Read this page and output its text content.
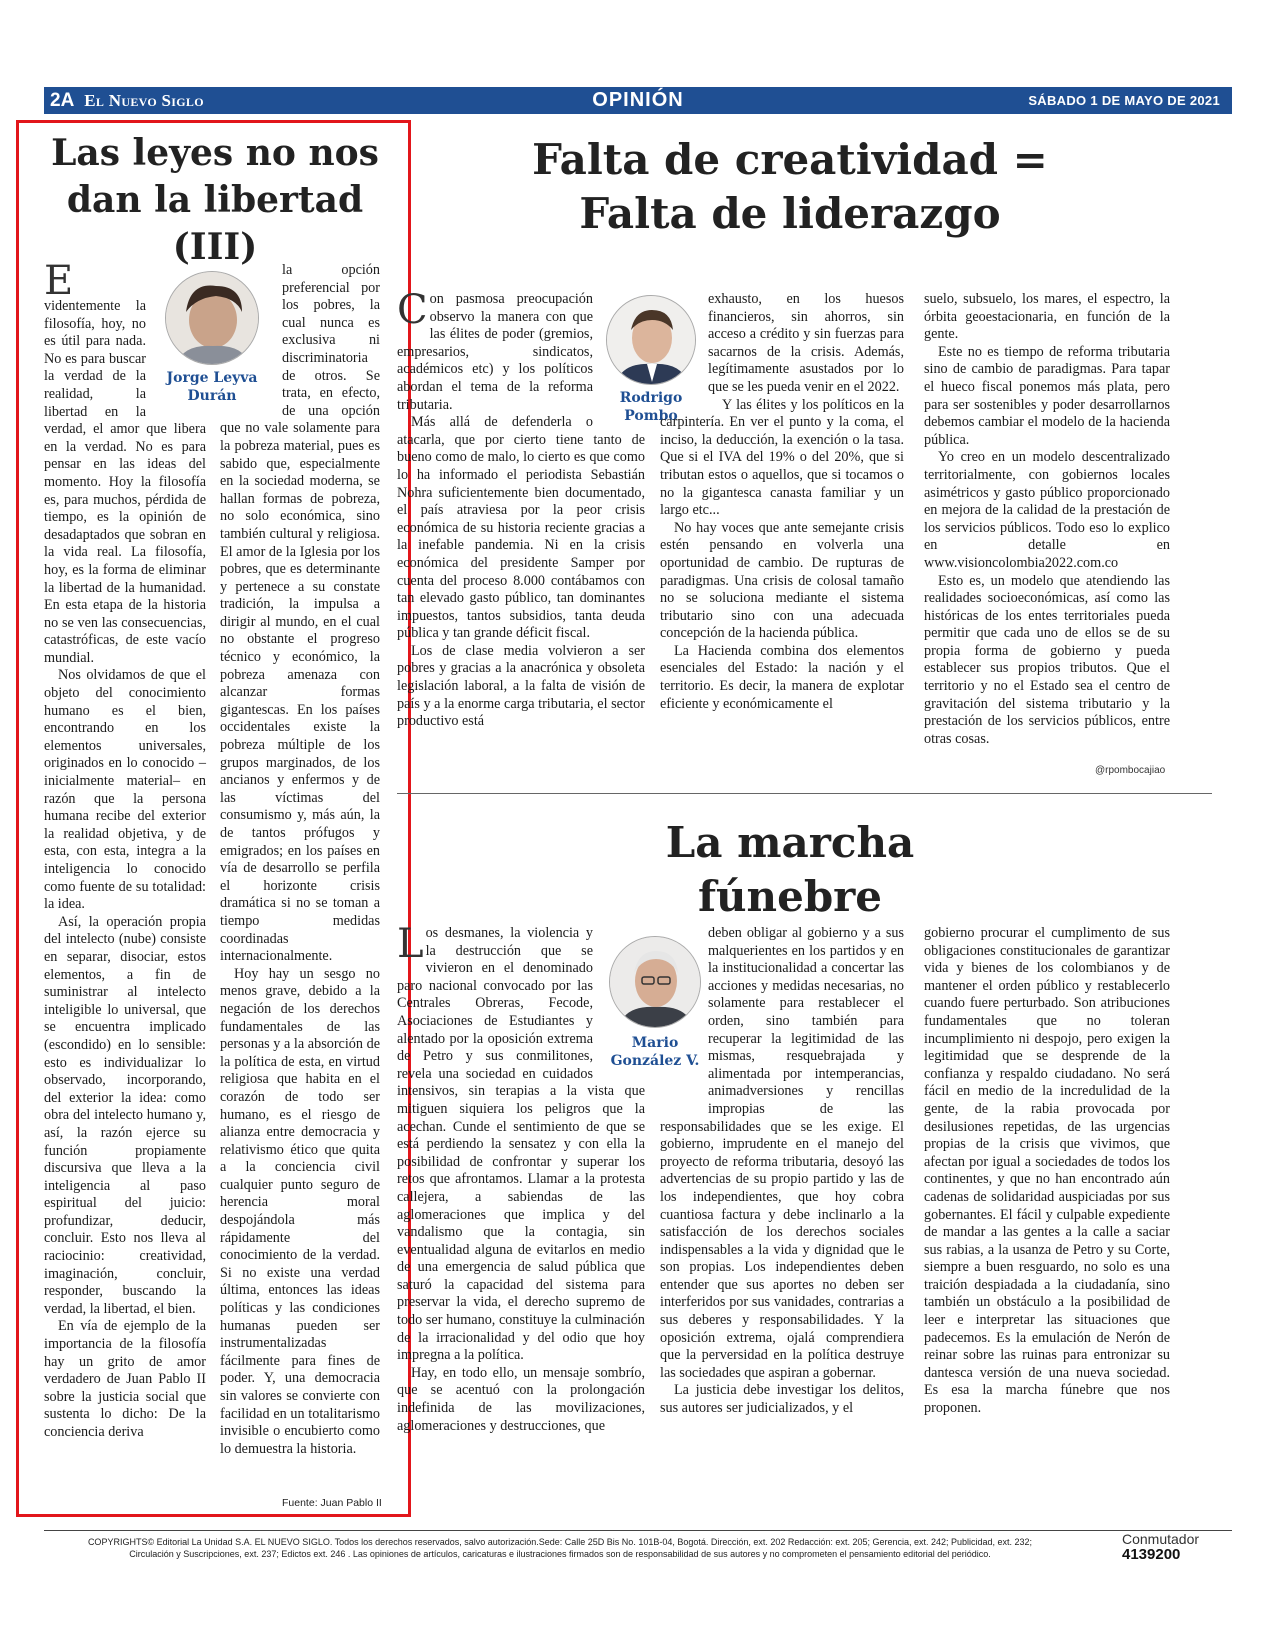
2A El Nuevo Siglo	OPINIÓN	SÁBADO 1 DE MAYO DE 2021
Las leyes no nos dan la libertad (III)
Jorge Leyva Durán

E
videntemente la filosofía, hoy, no es útil para nada. No es para buscar la verdad de la realidad, la libertad en la verdad, el amor que libera en la verdad. No es para pensar en las ideas del momento. Hoy la filosofía es, para muchos, pérdida de tiempo, es la opinión de desadaptados que sobran en la vida real. La filosofía, hoy, es la forma de eliminar la libertad de la humanidad. En esta etapa de la historia no se ven las consecuencias, catastróficas, de este vacío mundial.

Nos olvidamos de que el objeto del conocimiento humano es el bien, encontrando en los elementos universales, originados en lo conocido –inicialmente material– en razón que la persona humana recibe del exterior la realidad objetiva, y de esta, con esta, integra a la inteligencia lo conocido como fuente de su totalidad: la idea.

Así, la operación propia del intelecto (nube) consiste en separar, disociar, estos elementos, a fin de suministrar al intelecto inteligible lo universal, que se encuentra implicado (escondido) en lo sensible: esto es individualizar lo observado, incorporando, del exterior la idea: como obra del intelecto humano y, así, la razón ejerce su función propiamente discursiva que lleva a la inteligencia al paso espiritual del juicio: profundizar, deducir, concluir. Esto nos lleva al raciocinio: creatividad, imaginación, concluir, responder, buscando la verdad, la libertad, el bien.

En vía de ejemplo de la importancia de la filosofía hay un grito de amor verdadero de Juan Pablo II sobre la justicia social que sustenta lo dicho: De la conciencia deriva

la opción preferencial por los pobres, la cual nunca es exclusiva ni discriminatoria de otros. Se trata, en efecto, de una opción que no vale solamente para la pobreza material, pues es sabido que, especialmente en la sociedad moderna, se hallan formas de pobreza, no solo económica, sino también cultural y religiosa. El amor de la Iglesia por los pobres, que es determinante y pertenece a su constate tradición, la impulsa a dirigir al mundo, en el cual no obstante el progreso técnico y económico, la pobreza amenaza con alcanzar formas gigantescas. En los países occidentales existe la pobreza múltiple de los grupos marginados, de los ancianos y enfermos y de las víctimas del consumismo y, más aún, la de tantos prófugos y emigrados; en los países en vía de desarrollo se perfila el horizonte crisis dramática si no se toman a tiempo medidas coordinadas internacionalmente.

Hoy hay un sesgo no menos grave, debido a la negación de los derechos fundamentales de las personas y a la absorción de la política de esta, en virtud religiosa que habita en el corazón de todo ser humano, es el riesgo de alianza entre democracia y relativismo ético que quita a la conciencia civil cualquier punto seguro de herencia moral despojándola más rápidamente del conocimiento de la verdad. Si no existe una verdad última, entonces las ideas políticas y las condiciones humanas pueden ser instrumentalizadas fácilmente para fines de poder. Y, una democracia sin valores se convierte con facilidad en un totalitarismo invisible o encubierto como lo demuestra la historia.

Fuente: Juan Pablo II
Falta de creatividad = Falta de liderazgo
Rodrigo Pombo

Con pasmosa preocupación observo la manera con que las élites de poder (gremios, empresarios, sindicatos, académicos etc) y los políticos abordan el tema de la reforma tributaria.

Más allá de defenderla o atacarla, que por cierto tiene tanto de bueno como de malo, lo cierto es que como lo ha informado el periodista Sebastián Nohra suficientemente bien documentado, el país atraviesa por la peor crisis económica de su historia reciente gracias a la inefable pandemia. Ni en la crisis económica del presidente Samper por cuenta del proceso 8.000 contábamos con tan elevado gasto público, tan dominantes impuestos, tantos subsidios, tanta deuda pública y tan grande déficit fiscal.

Los de clase media volvieron a ser pobres y gracias a la anacrónica y obsoleta legislación laboral, a la falta de visión de país y a la enorme carga tributaria, el sector productivo está

exhausto, en los huesos financieros, sin ahorros, sin acceso a crédito y sin fuerzas para sacarnos de la crisis. Además, legítimamente asustados por lo que se les pueda venir en el 2022.

Y las élites y los políticos en la carpintería. En ver el punto y la coma, el inciso, la deducción, la exención o la tasa. Que si el IVA del 19% o del 20%, que si tributan estos o aquellos, que si tocamos o no la gigantesca canasta familiar y un largo etc...

No hay voces que ante semejante crisis estén pensando en volverla una oportunidad de cambio. De rupturas de paradigmas. Una crisis de colosal tamaño no se soluciona mediante el sistema tributario sino con una adecuada concepción de la hacienda pública.

La Hacienda combina dos elementos esenciales del Estado: la nación y el territorio. Es decir, la manera de explotar eficiente y económicamente el

suelo, subsuelo, los mares, el espectro, la órbita geoestacionaria, en función de la gente.

Este no es tiempo de reforma tributaria sino de cambio de paradigmas. Para tapar el hueco fiscal ponemos más plata, pero para ser sostenibles y poder desarrollarnos debemos cambiar el modelo de la hacienda pública.

Yo creo en un modelo descentralizado territorialmente, con gobiernos locales asimétricos y gasto público proporcionado en mejora de la calidad de la prestación de los servicios públicos. Todo eso lo explico en detalle en www.visioncolombia2022.com.co

Esto es, un modelo que atendiendo las realidades socioeconómicas, así como las históricas de los entes territoriales pueda permitir que cada uno de ellos se de su propia forma de gobierno y pueda establecer sus propios tributos. Que el territorio y no el Estado sea el centro de gravitación del sistema tributario y la prestación de los servicios públicos, entre otras cosas.

@rpombocajiao
La marcha fúnebre
Mario González V.

Los desmanes, la violencia y la destrucción que se vivieron en el denominado paro nacional convocado por las Centrales Obreras, Fecode, Asociaciones de Estudiantes y alentado por la oposición extrema de Petro y sus conmilitones, revela una sociedad en cuidados intensivos, sin terapias a la vista que mitiguen siquiera los peligros que la acechan. Cunde el sentimiento de que se está perdiendo la sensatez y con ella la posibilidad de confrontar y superar los retos que afrontamos. Llamar a la protesta callejera, a sabiendas de las aglomeraciones que implica y del vandalismo que la contagia, sin eventualidad alguna de evitarlos en medio de una emergencia de salud pública que saturó la capacidad del sistema para preservar la vida, el derecho supremo de todo ser humano, constituye la culminación de la irracionalidad y del odio que hoy impregna a la política.

Hay, en todo ello, un mensaje sombrío, que se acentuó con la prolongación indefinida de las movilizaciones, aglomeraciones y destrucciones, que

deben obligar al gobierno y a sus malquerientes en los partidos y en la institucionalidad a concertar las acciones y medidas necesarias, no solamente para restablecer el orden, sino también para recuperar la legitimidad de las mismas, resquebrajada y alimentada por intemperancias, animadversiones y rencillas impropias de las responsabilidades que se les exige. El gobierno, imprudente en el manejo del proyecto de reforma tributaria, desoyó las advertencias de su propio partido y las de los independientes, que hoy cobra cuantiosa factura y debe inclinarlo a la satisfacción de los derechos sociales indispensables a la vida y dignidad que le son propias. Los independientes deben entender que sus aportes no deben ser interferidos por sus vanidades, contrarias a sus deberes y responsabilidades. Y la oposición extrema, ojalá comprendiera que la perversidad en la política destruye las sociedades que aspiran a gobernar.

La justicia debe investigar los delitos, sus autores ser judicializados, y el

gobierno procurar el cumplimento de sus obligaciones constitucionales de garantizar vida y bienes de los colombianos y de mantener el orden público y restablecerlo cuando fuere perturbado. Son atribuciones fundamentales que no toleran incumplimiento ni despojo, pero exigen la legitimidad que se desprende de la confianza y respaldo ciudadano. No será fácil en medio de la incredulidad de la gente, de la rabia provocada por desilusiones repetidas, de las urgencias propias de la crisis que vivimos, que afectan por igual a sociedades de todos los continentes, y que no han encontrado aún cadenas de solidaridad auspiciadas por sus gobernantes. El fácil y culpable expediente de mandar a las gentes a la calle a saciar sus rabias, a la usanza de Petro y su Corte, siempre a buen resguardo, no solo es una traición despiadada a la ciudadanía, sino también un obstáculo a la posibilidad de leer e interpretar las situaciones que padecemos. Es la emulación de Nerón de reinar sobre las ruinas para entronizar su dantesca versión de una nueva sociedad. Es esa la marcha fúnebre que nos proponen.

COPYRIGHTS© Editorial La Unidad S.A. EL NUEVO SIGLO. Todos los derechos reservados, salvo autorización.Sede: Calle 25D Bis No. 101B-04, Bogotá. Dirección, ext. 202 Redacción: ext. 205; Gerencia, ext. 242; Publicidad, ext. 232;
Circulación y Suscripciones, ext. 237; Edictos ext. 246 . Las opiniones de artículos, caricaturas e ilustraciones firmados son de responsabilidad de sus autores y no comprometen el pensamiento editorial del periódico.
Conmutador
4139200
